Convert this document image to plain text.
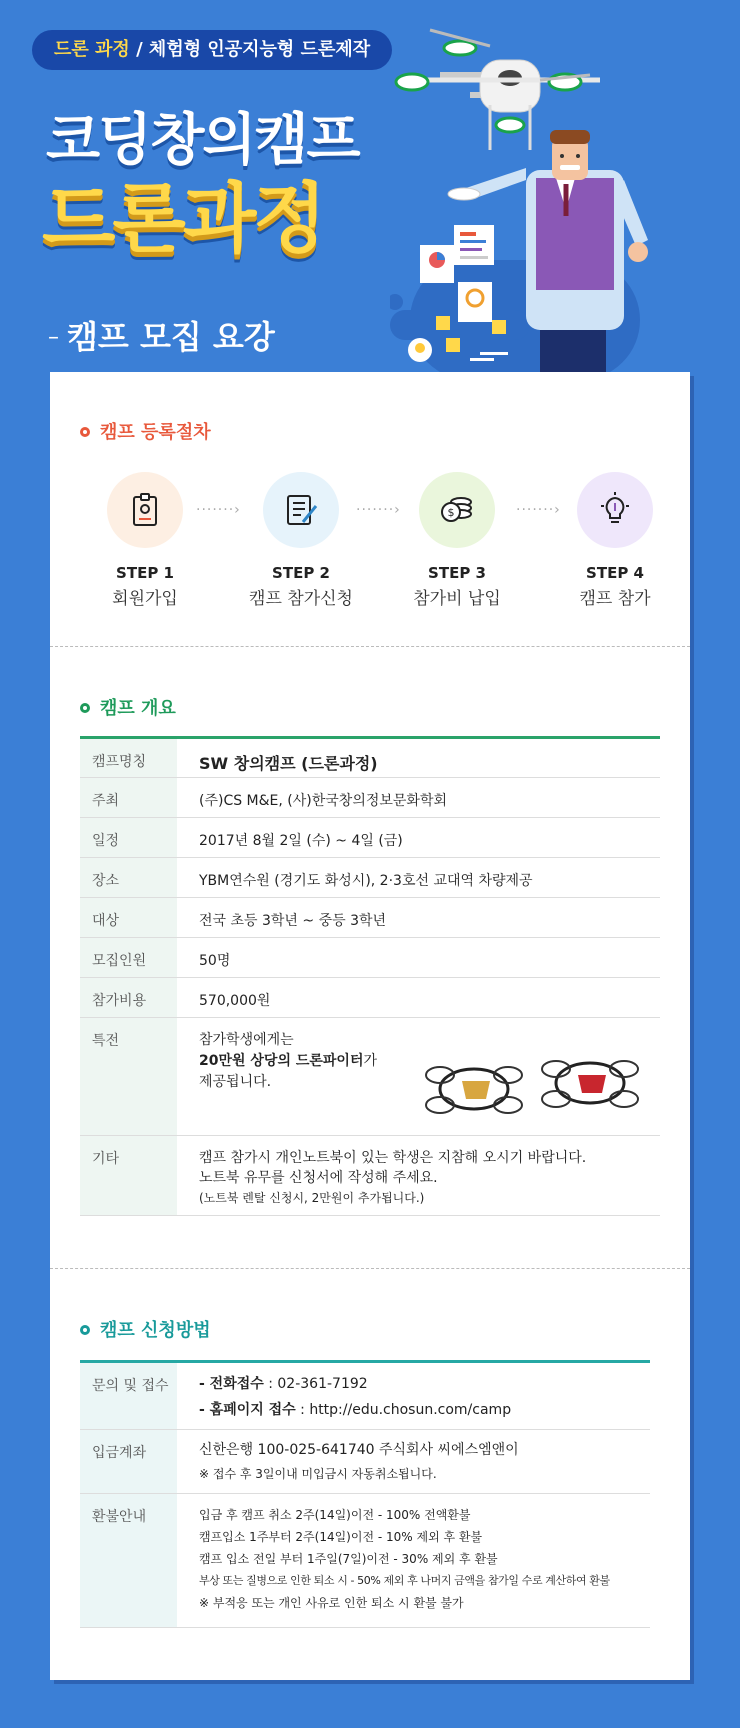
드론 과정 / 체험형 인공지능형 드론제작
코딩창의캠프
드론과정
– 캠프 모집 요강
캠프 등록절차
STEP 1
회원가입
·······›
STEP 2
캠프 참가신청
·······›	$
STEP 3
참가비 납입
·······›
STEP 4
캠프 참가
캠프 개요
캠프명칭	SW 창의캠프 (드론과정)
주최	(주)CS M&E, (사)한국창의정보문화학회
일정	2017년 8월 2일 (수) ~ 4일 (금)
장소	YBM연수원 (경기도 화성시), 2·3호선 교대역 차량제공
대상	전국 초등 3학년 ~ 중등 3학년
모집인원	50명
참가비용	570,000원
특전	참가학생에게는
20만원 상당의 드론파이터가
제공됩니다.

기타	캠프 참가시 개인노트북이 있는 학생은 지참해 오시기 바랍니다.
노트북 유무를 신청서에 작성해 주세요.
(노트북 렌탈 신청시, 2만원이 추가됩니다.)
캠프 신청방법
문의 및 접수	- 전화접수 : 02-361-7192
- 홈페이지 접수 : http://edu.chosun.com/camp

입금계좌	신한은행 100-025-641740 주식회사 씨에스엠앤이
※ 접수 후 3일이내 미입금시 자동취소됩니다.

환불안내	입금 후 캠프 취소 2주(14일)이전 - 100% 전액환불
캠프입소 1주부터 2주(14일)이전 - 10% 제외 후 환불
캠프 입소 전일 부터 1주일(7일)이전 - 30% 제외 후 환불
부상 또는 질병으로 인한 퇴소 시 - 50% 제외 후 나머지 금액을 참가일 수로 계산하여 환불
※ 부적응 또는 개인 사유로 인한 퇴소 시 환불 불가
